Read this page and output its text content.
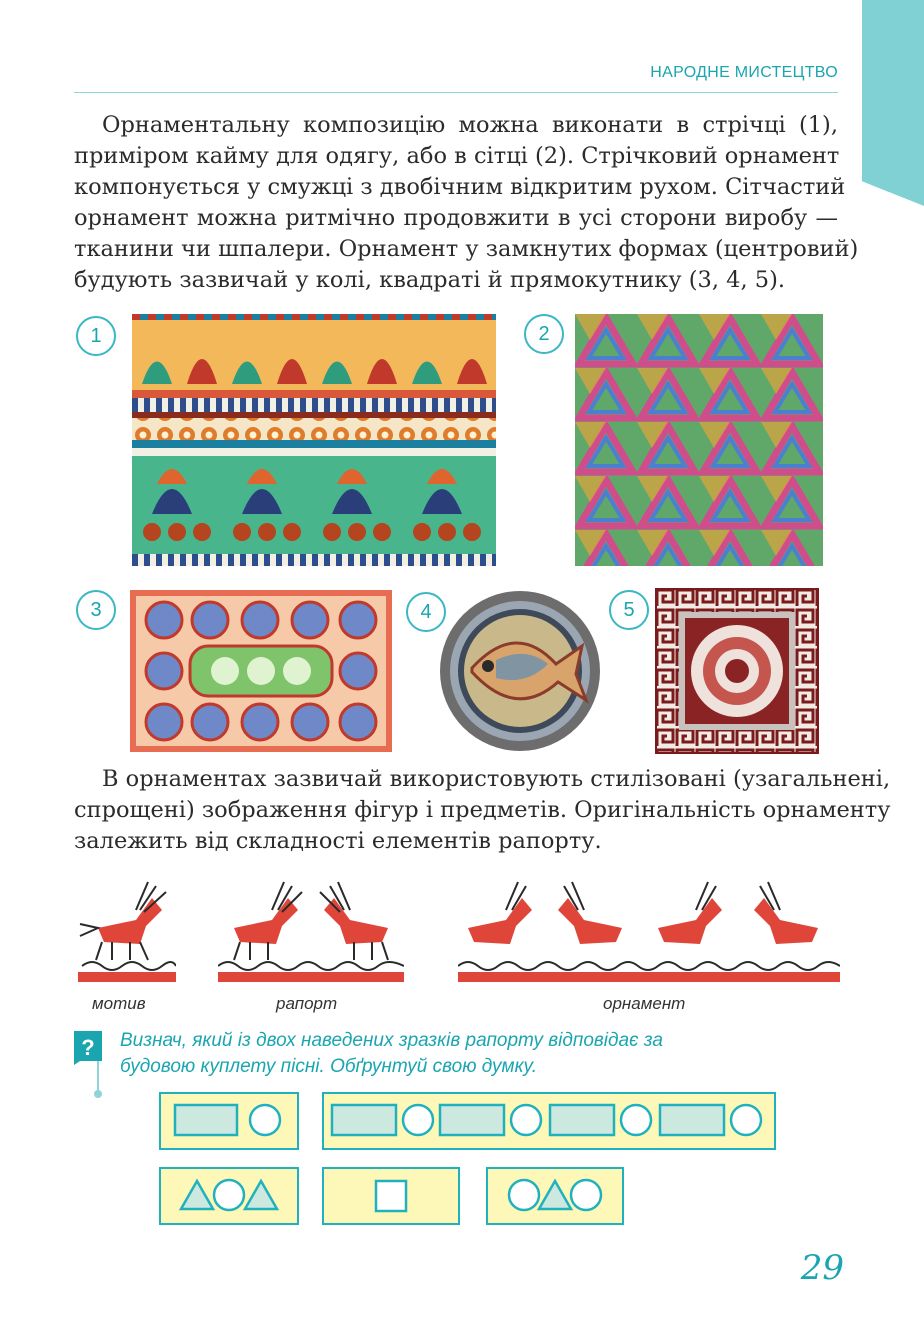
НАРОДНЕ МИСТЕЦТВО
Орнаментальну композицію можна виконати в стрічці (1),
приміром кайму для одягу, або в сітці (2). Стрічковий орнамент
компонується у смужці з двобічним відкритим рухом. Сітчастий
орнамент можна ритмічно продовжити в усі сторони виробу —
тканини чи шпалери. Орнамент у замкнутих формах (центровий)
будують зазвичай у колі, квадраті й прямокутнику (3, 4, 5).
1	2
3	4	5
В орнаментах зазвичай використовують стилізовані (узагальнені,
спрощені) зображення фігур і предметів. Оригінальність орнаменту
залежить від складності елементів рапорту.
мотив	рапорт	орнамент
? Визнач, який із двох наведених зразків рапорту відповідає за
будовою куплету пісні. Обґрунтуй свою думку.
29
